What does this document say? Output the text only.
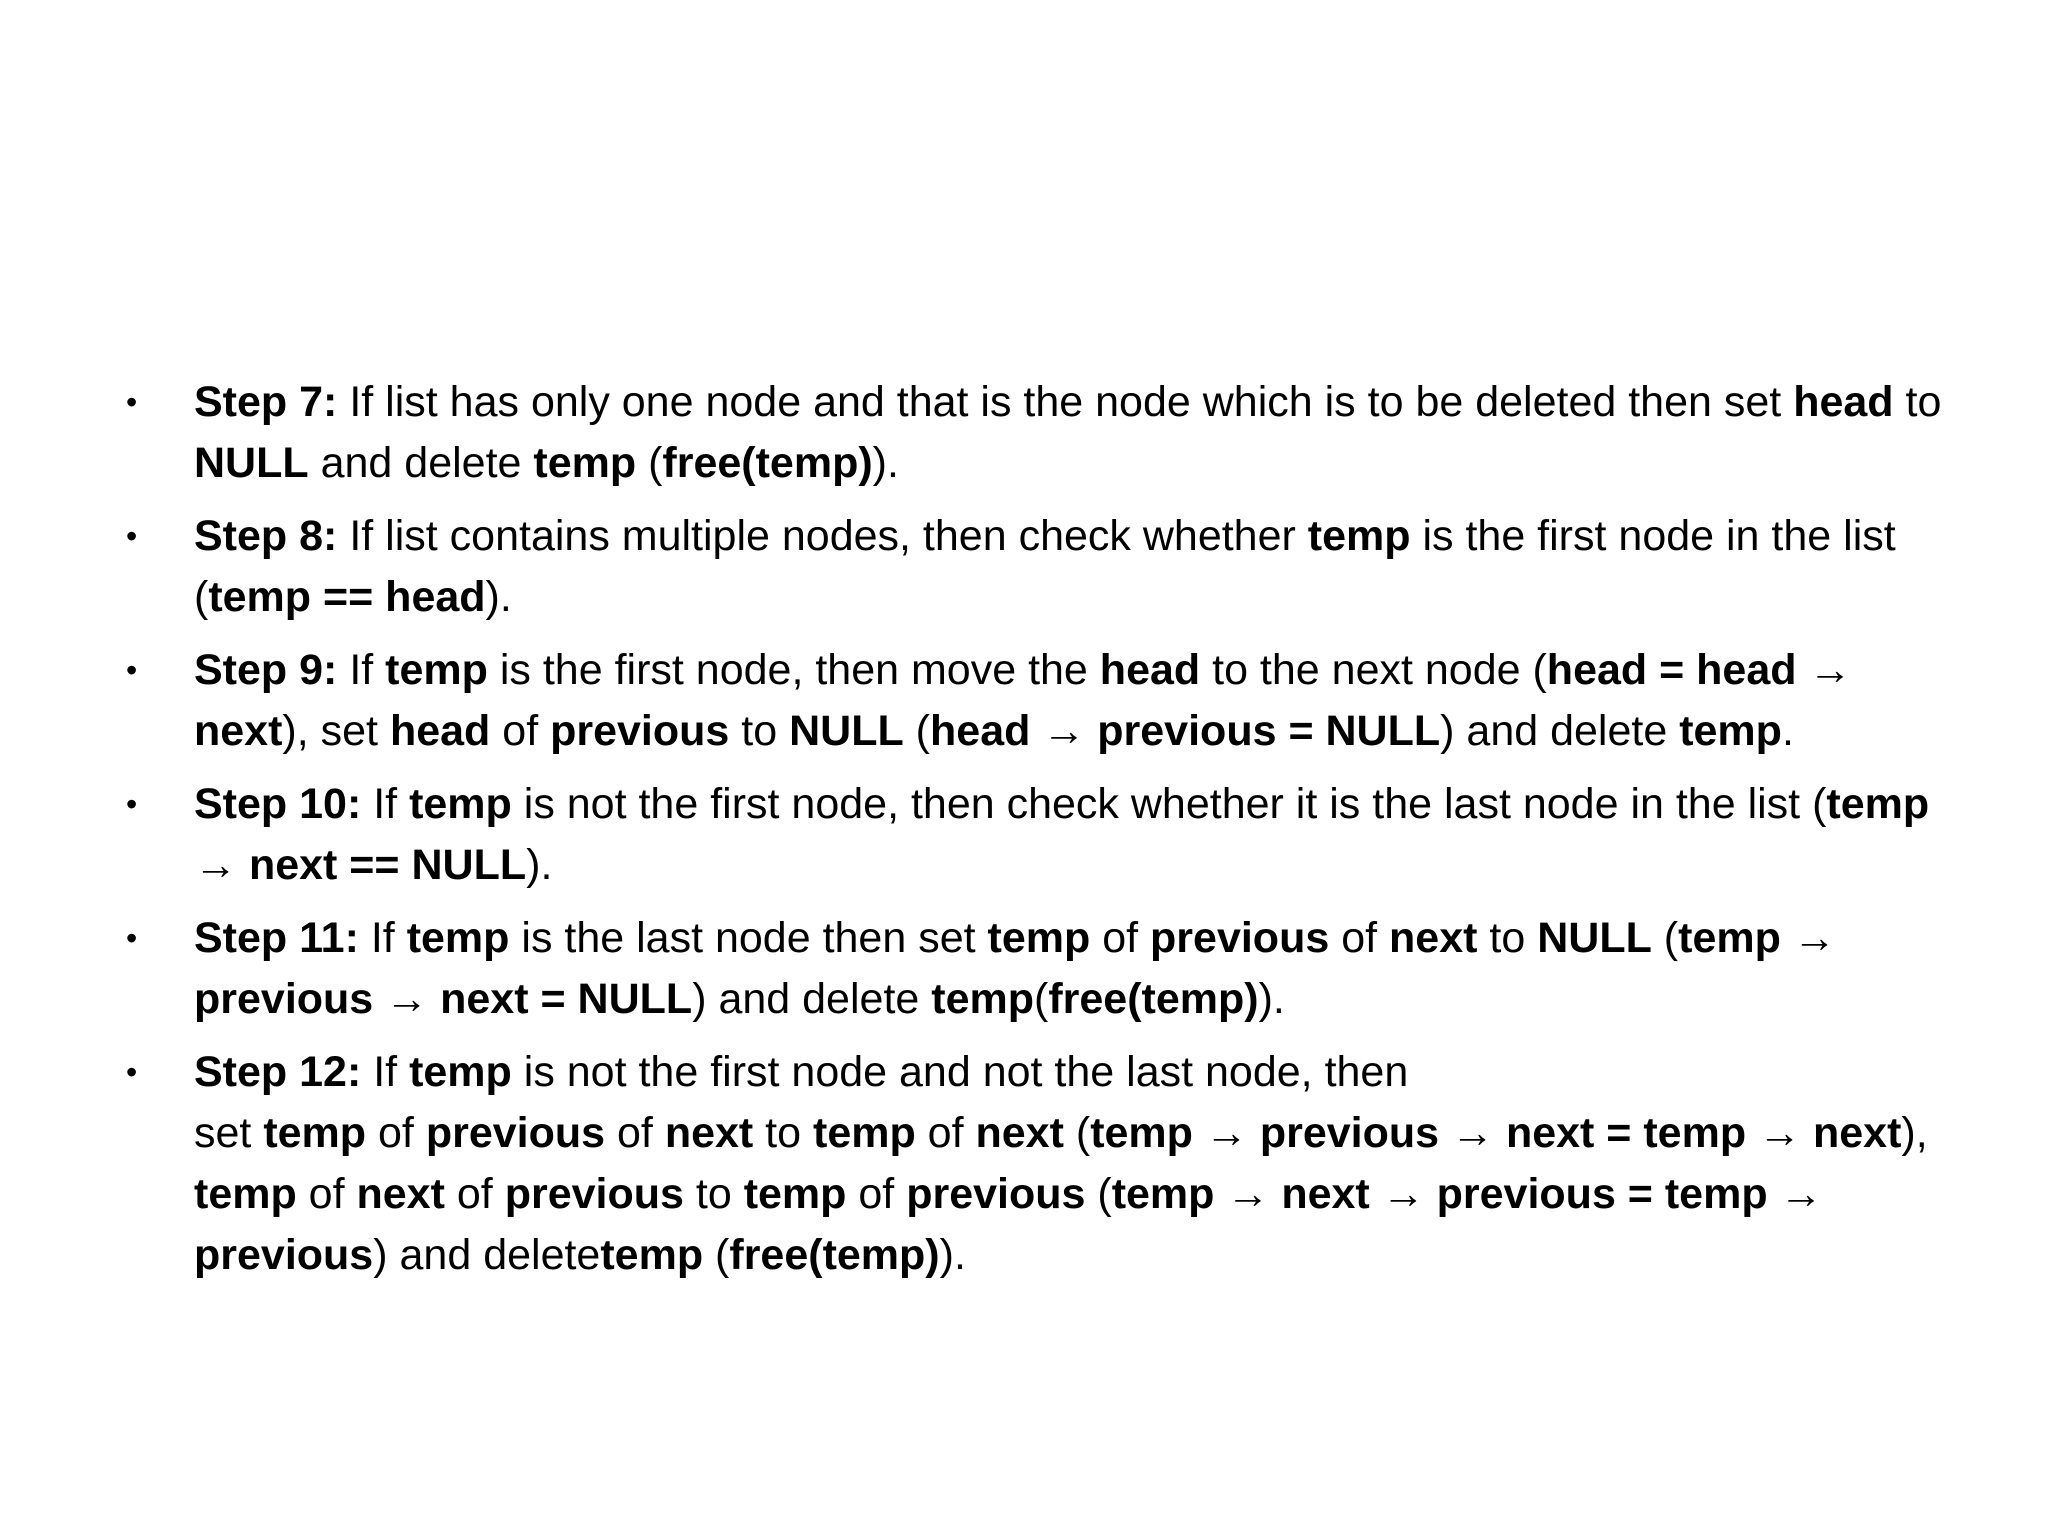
• Step 7: If list has only one node and that is the node which is to be deleted then set head to NULL and delete temp (free(temp)).
• Step 8: If list contains multiple nodes, then check whether temp is the first node in the list (temp == head).
• Step 9: If temp is the first node, then move the head to the next node (head = head → next), set head of previous to NULL (head → previous = NULL) and delete temp.
• Step 10: If temp is not the first node, then check whether it is the last node in the list (temp → next == NULL).
• Step 11: If temp is the last node then set temp of previous of next to NULL (temp → previous → next = NULL) and delete temp(free(temp)).
• Step 12: If temp is not the first node and not the last node, then
set temp of previous of next to temp of next (temp → previous → next = temp → next), temp of next of previous to temp of previous (temp → next → previous = temp → previous) and deletetemp (free(temp)).
